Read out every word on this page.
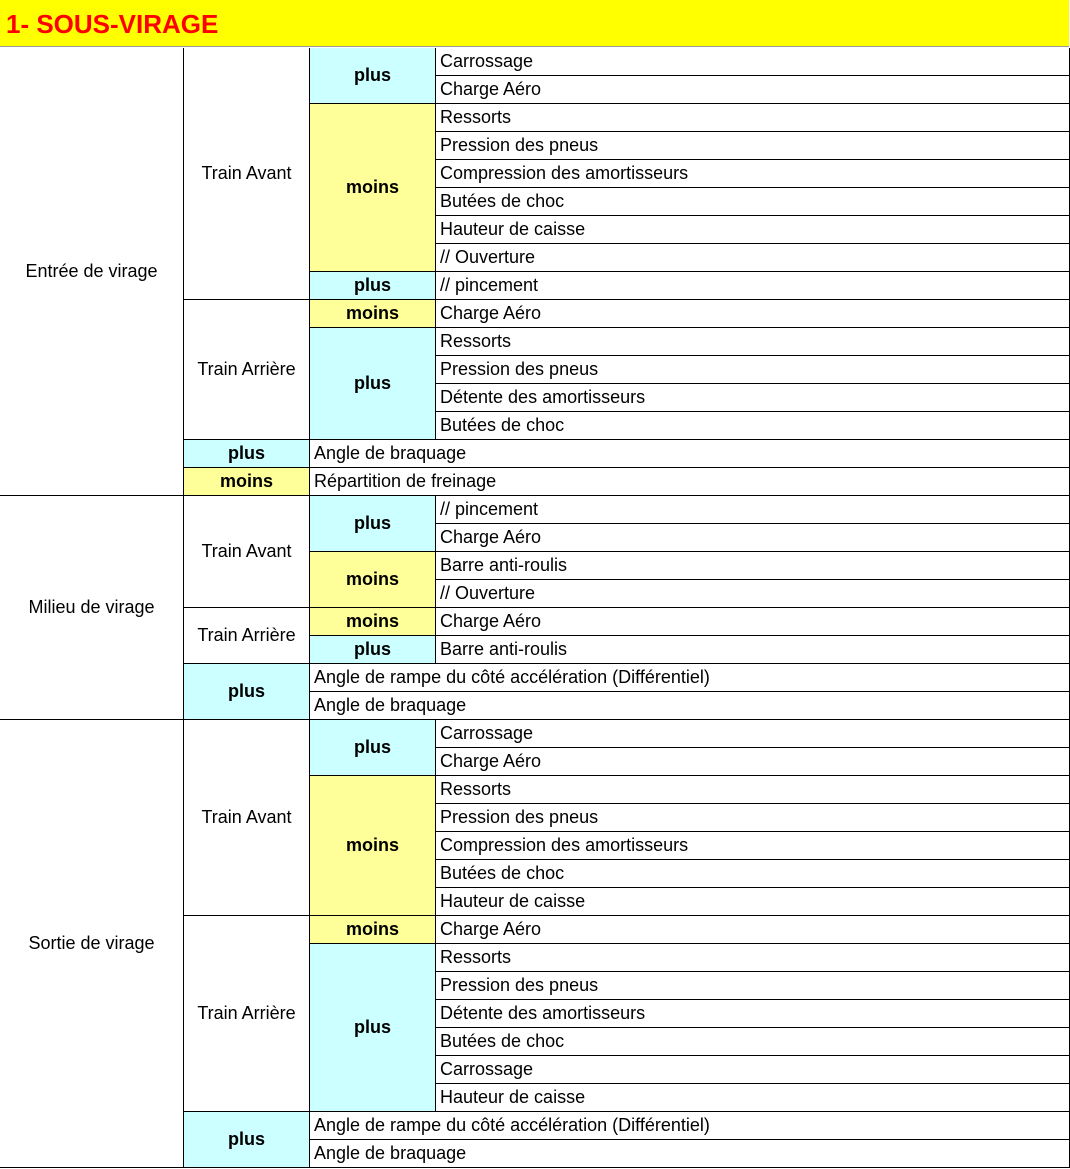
1- SOUS-VIRAGE
Carrossage
Charge Aéro
plus
Ressorts
Pression des pneus
Compression des amortisseurs
Butées de choc
Hauteur de caisse
// Ouverture
moins
// pincement
plus
Train Avant
Charge Aéro
moins
Ressorts
Pression des pneus
Détente des amortisseurs
Butées de choc
plus
Train Arrière
Angle de braquage
plus
Répartition de freinage
moins
Entrée de virage
// pincement
Charge Aéro
plus
Barre anti-roulis
// Ouverture
moins
Train Avant
Charge Aéro
moins
Barre anti-roulis
plus
Train Arrière
Angle de rampe du côté accélération (Différentiel)
Angle de braquage
plus
Milieu de virage
Carrossage
Charge Aéro
plus
Ressorts
Pression des pneus
Compression des amortisseurs
Butées de choc
Hauteur de caisse
moins
Train Avant
Charge Aéro
moins
Ressorts
Pression des pneus
Détente des amortisseurs
Butées de choc
Carrossage
Hauteur de caisse
plus
Train Arrière
Angle de rampe du côté accélération (Différentiel)
Angle de braquage
plus
Sortie de virage
